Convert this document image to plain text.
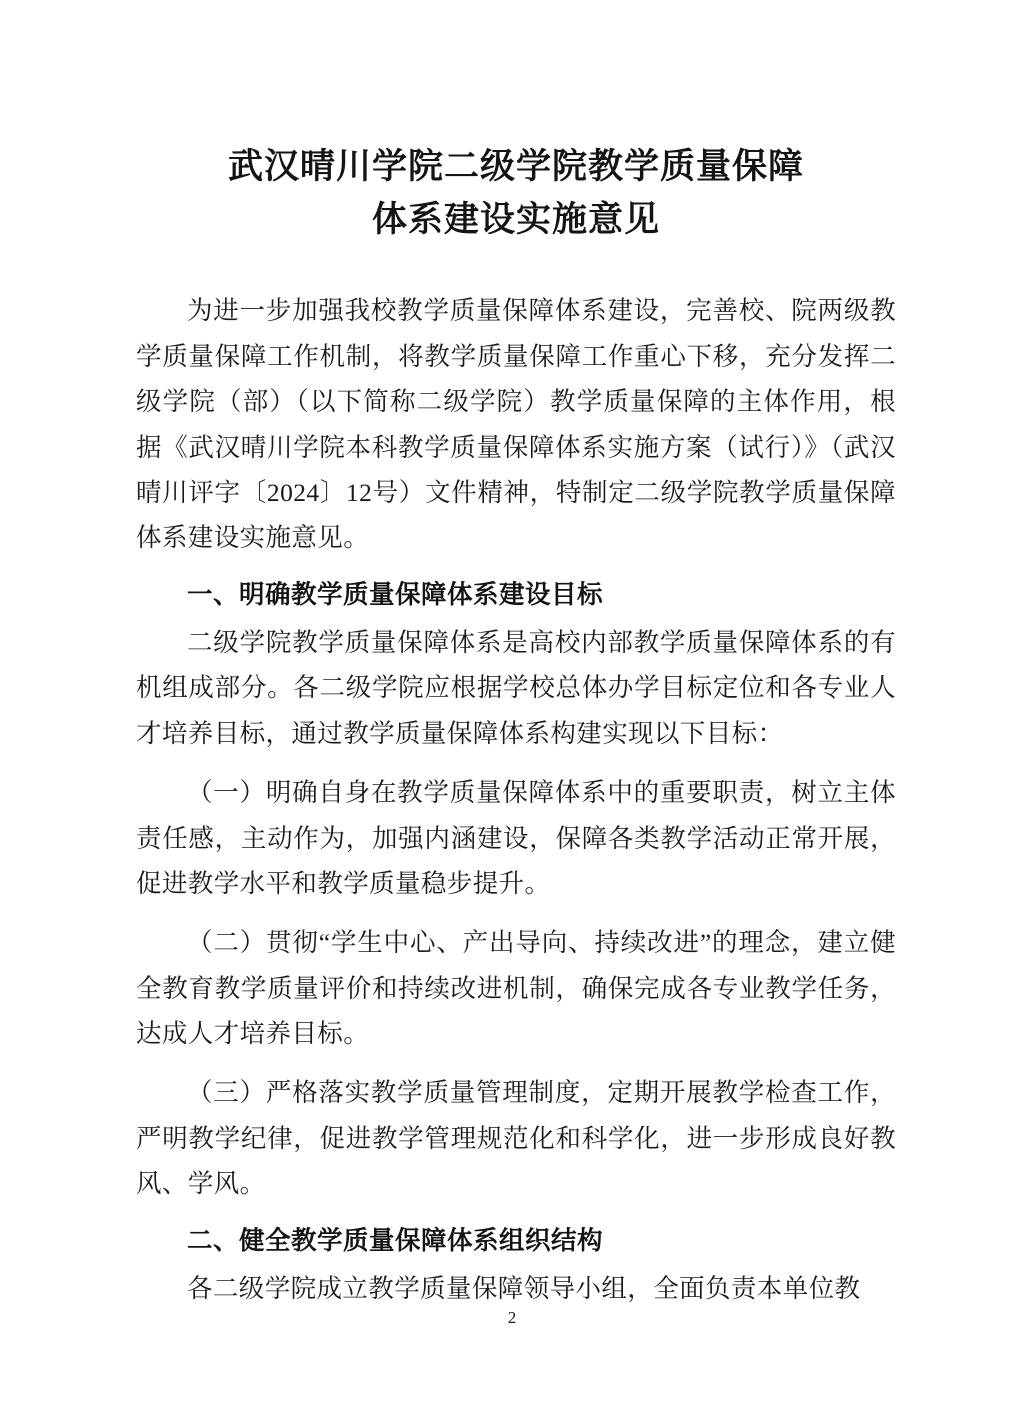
武汉晴川学院二级学院教学质量保障
体系建设实施意见

为进一步加强我校教学质量保障体系建设，完善校、院两级教学质量保障工作机制，将教学质量保障工作重心下移，充分发挥二级学院（部）（以下简称二级学院）教学质量保障的主体作用，根据《武汉晴川学院本科教学质量保障体系实施方案（试行）》（武汉晴川评字〔2024〕12号）文件精神，特制定二级学院教学质量保障体系建设实施意见。

一、明确教学质量保障体系建设目标

二级学院教学质量保障体系是高校内部教学质量保障体系的有机组成部分。各二级学院应根据学校总体办学目标定位和各专业人才培养目标，通过教学质量保障体系构建实现以下目标：

（一）明确自身在教学质量保障体系中的重要职责，树立主体责任感，主动作为，加强内涵建设，保障各类教学活动正常开展，促进教学水平和教学质量稳步提升。

（二）贯彻“学生中心、产出导向、持续改进”的理念，建立健全教育教学质量评价和持续改进机制，确保完成各专业教学任务，达成人才培养目标。

（三）严格落实教学质量管理制度，定期开展教学检查工作，严明教学纪律，促进教学管理规范化和科学化，进一步形成良好教风、学风。

二、健全教学质量保障体系组织结构

各二级学院成立教学质量保障领导小组，全面负责本单位教

2
